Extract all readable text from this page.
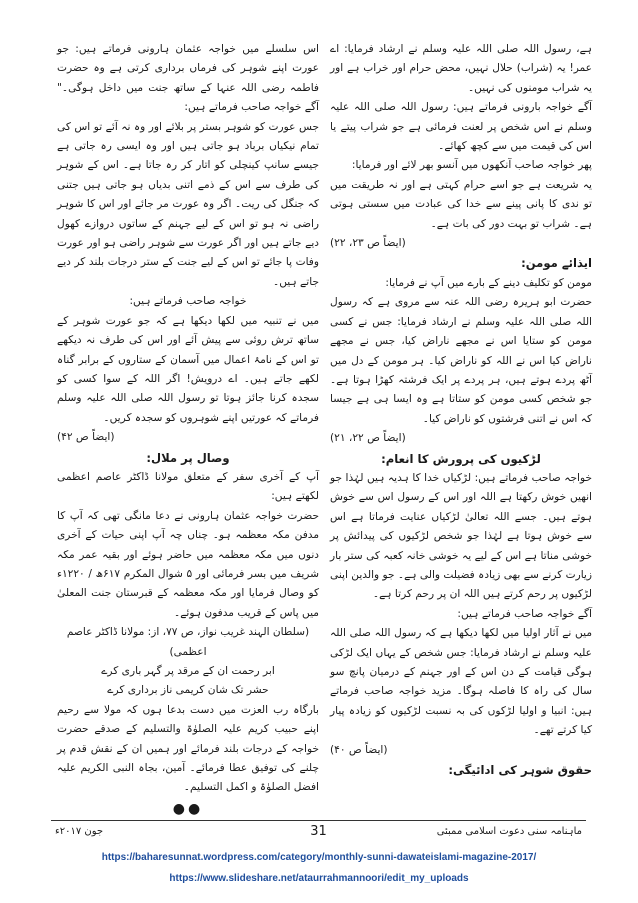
ہے، رسول اللہ صلی اللہ علیہ وسلم نے ارشاد فرمایا: اے عمر! یہ (شراب) حلال نہیں، محض حرام اور خراب ہے اور یہ شراب مومنوں کی نہیں۔

آگے خواجہ بارونی فرماتے ہیں: رسول اللہ صلی اللہ علیہ وسلم نے اس شخص پر لعنت فرمائی ہے جو شراب پیتے یا اس کی قیمت میں سے کچھ کھائے۔

پھر خواجہ صاحب آنکھوں میں آنسو بھر لائے اور فرمایا:

یہ شریعت ہے جو اسے حرام کہتی ہے اور نہ طریقت میں تو ندی کا پانی پینے سے خدا کی عبادت میں سستی ہوتی ہے۔ شراب تو بہت دور کی بات ہے۔

(ایضاً ص ۲۳، ۲۲)

ایذائے مومن:

مومن کو تکلیف دینے کے بارے میں آپ نے فرمایا:

حضرت ابو ہریرہ رضی اللہ عنہ سے مروی ہے کہ رسول اللہ صلی اللہ علیہ وسلم نے ارشاد فرمایا: جس نے کسی مومن کو ستایا اس نے مجھے ناراض کیا، جس نے مجھے ناراض کیا اس نے اللہ کو ناراض کیا۔ ہر مومن کے دل میں آٹھ پردے ہوتے ہیں، ہر پردے پر ایک فرشتہ کھڑا ہوتا ہے۔ جو شخص کسی مومن کو ستاتا ہے وہ ایسا ہی ہے جیسا کہ اس نے اتنی فرشتوں کو ناراض کیا۔

(ایضاً ص ۲۲، ۲۱)

لڑکیوں کی پرورش کا انعام:

خواجہ صاحب فرماتے ہیں: لڑکیاں خدا کا ہدیہ ہیں لہٰذا جو انھیں خوش رکھتا ہے اللہ اور اس کے رسول اس سے خوش ہوتے ہیں۔ جسے اللہ تعالیٰ لڑکیاں عنایت فرماتا ہے اس سے خوش ہوتا ہے لہٰذا جو شخص لڑکیوں کی پیدائش پر خوشی مناتا ہے اس کے لیے یہ خوشی خانہ کعبہ کی ستر بار زیارت کرنے سے بھی زیادہ فضیلت والی ہے۔ جو والدین اپنی لڑکیوں پر رحم کرتے ہیں اللہ ان پر رحم کرتا ہے۔

آگے خواجہ صاحب فرماتے ہیں:

میں نے آثار اولیا میں لکھا دیکھا ہے کہ رسول اللہ صلی اللہ علیہ وسلم نے ارشاد فرمایا: جس شخص کے یہاں ایک لڑکی ہوگی قیامت کے دن اس کے اور جہنم کے درمیان پانچ سو سال کی راہ کا فاصلہ ہوگا۔ مزید خواجہ صاحب فرماتے ہیں: انبیا و اولیا لڑکوں کی بہ نسبت لڑکیوں کو زیادہ پیار کیا کرتے تھے۔

(ایضاً ص ۴۰)

حقوق شوہر کی ادائیگی:

اس سلسلے میں خواجہ عثمان ہارونی فرماتے ہیں: جو عورت اپنے شوہر کی فرماں برداری کرتی ہے وہ حضرت فاطمہ رضی اللہ عنہا کے ساتھ جنت میں داخل ہوگی۔" آگے خواجہ صاحب فرماتے ہیں:

جس عورت کو شوہر بستر پر بلائے اور وہ نہ آئے تو اس کی تمام نیکیاں برباد ہو جاتی ہیں اور وہ ایسی رہ جاتی ہے جیسے سانپ کینچلی کو اتار کر رہ جاتا ہے۔ اس کے شوہر کی طرف سے اس کے ذمے اتنی بدیاں ہو جاتی ہیں جتنی کہ جنگل کی ریت۔ اگر وہ عورت مر جائے اور اس کا شوہر راضی نہ ہو تو اس کے لیے جہنم کے ساتوں دروازے کھول دیے جاتے ہیں اور اگر عورت سے شوہر راضی ہو اور عورت وفات پا جائے تو اس کے لیے جنت کے ستر درجات بلند کر دیے جاتے ہیں۔

خواجہ صاحب فرماتے ہیں:

میں نے تنبیہ میں لکھا دیکھا ہے کہ جو عورت شوہر کے ساتھ ترش روئی سے پیش آئے اور اس کی طرف نہ دیکھے تو اس کے نامۂ اعمال میں آسمان کے ستاروں کے برابر گناہ لکھے جاتے ہیں۔ اے درویش! اگر اللہ کے سوا کسی کو سجدہ کرنا جائز ہوتا تو رسول اللہ صلی اللہ علیہ وسلم فرماتے کہ عورتیں اپنے شوہروں کو سجدہ کریں۔

(ایضاً ص ۴۲)

وصال پر ملال:

آپ کے آخری سفر کے متعلق مولانا ڈاکٹر عاصم اعظمی لکھتے ہیں:

حضرت خواجہ عثمان ہارونی نے دعا مانگی تھی کہ آپ کا مدفن مکہ معظمہ ہو۔ چناں چہ آپ اپنی حیات کے آخری دنوں میں مکہ معظمہ میں حاضر ہوئے اور بقیہ عمر مکہ شریف میں بسر فرمائی اور ۵ شوال المکرم ۶۱۷ھ / ۱۲۲۰ء کو وصال فرمایا اور مکہ معظمہ کے قبرستان جنت المعلیٰ میں پاس کے قریب مدفون ہوئے۔

(سلطان الہند غریب نواز، ص ۷۷، از: مولانا ڈاکٹر عاصم اعظمی)

ابر رحمت ان کے مرقد پر گہر باری کرے

حشر تک شان کریمی ناز برداری کرے

بارگاہ رب العزت میں دست بدعا ہوں کہ مولا سے رحیم اپنے حبیب کریم علیہ الصلوٰۃ والتسلیم کے صدقے حضرت خواجہ کے درجات بلند فرمائے اور ہمیں ان کے نقش قدم پر چلنے کی توفیق عطا فرمائے۔ آمین، بجاہ النبی الکریم علیہ افضل الصلوٰۃ و اکمل التسلیم۔

●●
ماہنامہ سنی دعوت اسلامی ممبئی
31
جون ۲۰۱۷ء
https://baharesunnat.wordpress.com/category/monthly-sunni-dawateislami-magazine-2017/
https://www.slideshare.net/ataurrahmannoori/edit_my_uploads
